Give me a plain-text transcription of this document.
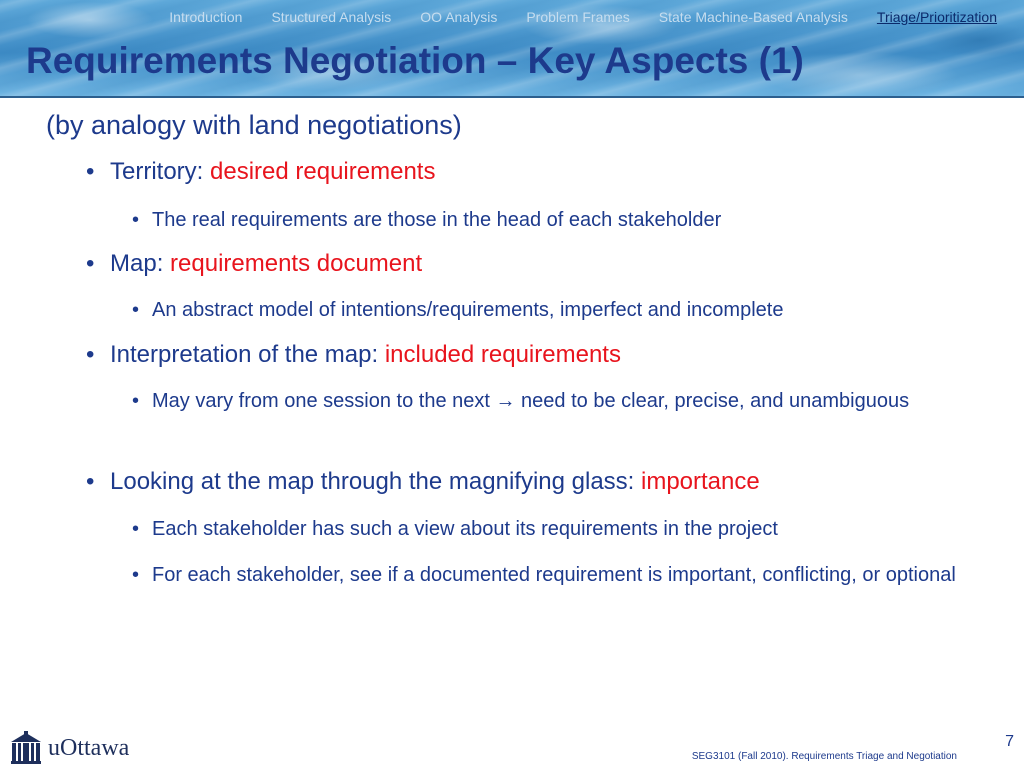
Introduction Structured Analysis OO Analysis Problem Frames State Machine-Based Analysis Triage/Prioritization
Requirements Negotiation – Key Aspects (1)
(by analogy with land negotiations)
• Territory: desired requirements
• The real requirements are those in the head of each stakeholder
• Map: requirements document
• An abstract model of intentions/requirements, imperfect and incomplete
• Interpretation of the map: included requirements
• May vary from one session to the next → need to be clear, precise, and unambiguous
• Looking at the map through the magnifying glass: importance
• Each stakeholder has such a view about its requirements in the project
• For each stakeholder, see if a documented requirement is important, conflicting, or optional
uOttawa	7
SEG3101 (Fall 2010). Requirements Triage and Negotiation
